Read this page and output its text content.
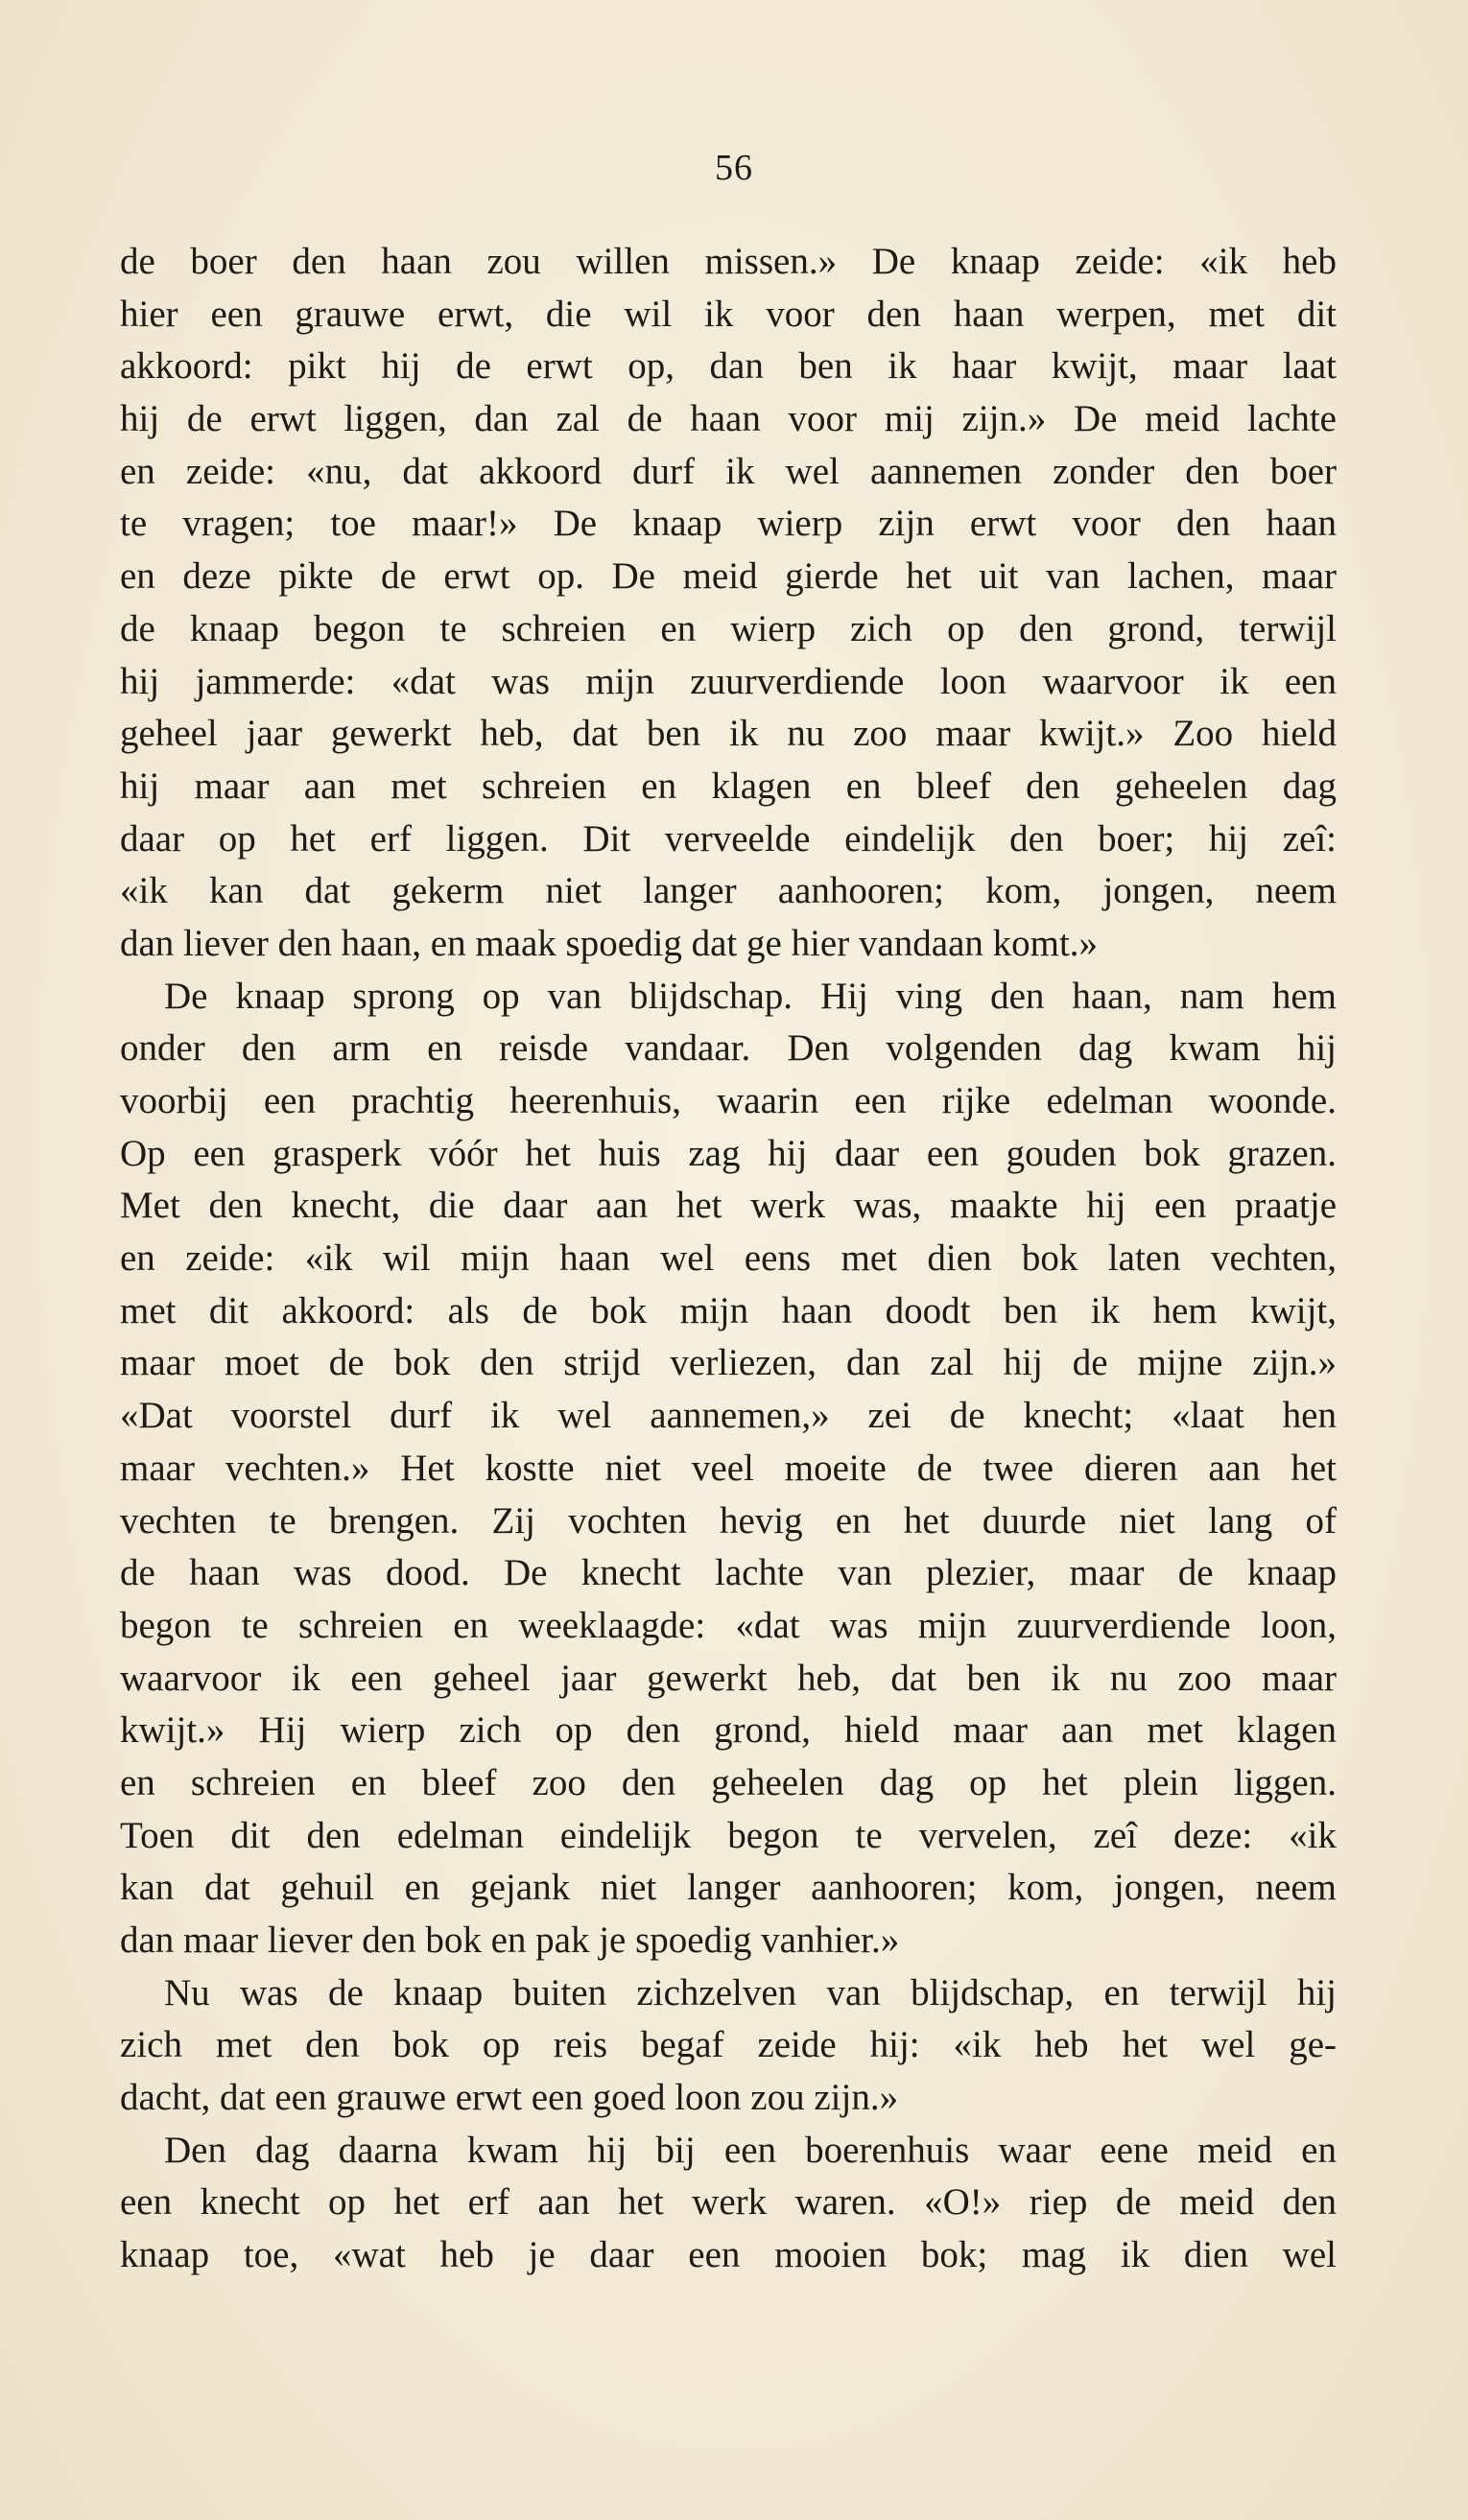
56
de boer den haan zou willen missen.» De knaap zeide: «ik heb
hier een grauwe erwt, die wil ik voor den haan werpen, met dit
akkoord: pikt hij de erwt op, dan ben ik haar kwijt, maar laat
hij de erwt liggen, dan zal de haan voor mij zijn.» De meid lachte
en zeide: «nu, dat akkoord durf ik wel aannemen zonder den boer
te vragen; toe maar!» De knaap wierp zijn erwt voor den haan
en deze pikte de erwt op. De meid gierde het uit van lachen, maar
de knaap begon te schreien en wierp zich op den grond, terwijl
hij jammerde: «dat was mijn zuurverdiende loon waarvoor ik een
geheel jaar gewerkt heb, dat ben ik nu zoo maar kwijt.» Zoo hield
hij maar aan met schreien en klagen en bleef den geheelen dag
daar op het erf liggen. Dit verveelde eindelijk den boer; hij zeî:
«ik kan dat gekerm niet langer aanhooren; kom, jongen, neem
dan liever den haan, en maak spoedig dat ge hier vandaan komt.»
De knaap sprong op van blijdschap. Hij ving den haan, nam hem
onder den arm en reisde vandaar. Den volgenden dag kwam hij
voorbij een prachtig heerenhuis, waarin een rijke edelman woonde.
Op een grasperk vóór het huis zag hij daar een gouden bok grazen.
Met den knecht, die daar aan het werk was, maakte hij een praatje
en zeide: «ik wil mijn haan wel eens met dien bok laten vechten,
met dit akkoord: als de bok mijn haan doodt ben ik hem kwijt,
maar moet de bok den strijd verliezen, dan zal hij de mijne zijn.»
«Dat voorstel durf ik wel aannemen,» zei de knecht; «laat hen
maar vechten.» Het kostte niet veel moeite de twee dieren aan het
vechten te brengen. Zij vochten hevig en het duurde niet lang of
de haan was dood. De knecht lachte van plezier, maar de knaap
begon te schreien en weeklaagde: «dat was mijn zuurverdiende loon,
waarvoor ik een geheel jaar gewerkt heb, dat ben ik nu zoo maar
kwijt.» Hij wierp zich op den grond, hield maar aan met klagen
en schreien en bleef zoo den geheelen dag op het plein liggen.
Toen dit den edelman eindelijk begon te vervelen, zeî deze: «ik
kan dat gehuil en gejank niet langer aanhooren; kom, jongen, neem
dan maar liever den bok en pak je spoedig vanhier.»
Nu was de knaap buiten zichzelven van blijdschap, en terwijl hij
zich met den bok op reis begaf zeide hij: «ik heb het wel ge-
dacht, dat een grauwe erwt een goed loon zou zijn.»
Den dag daarna kwam hij bij een boerenhuis waar eene meid en
een knecht op het erf aan het werk waren. «O!» riep de meid den
knaap toe, «wat heb je daar een mooien bok; mag ik dien wel
